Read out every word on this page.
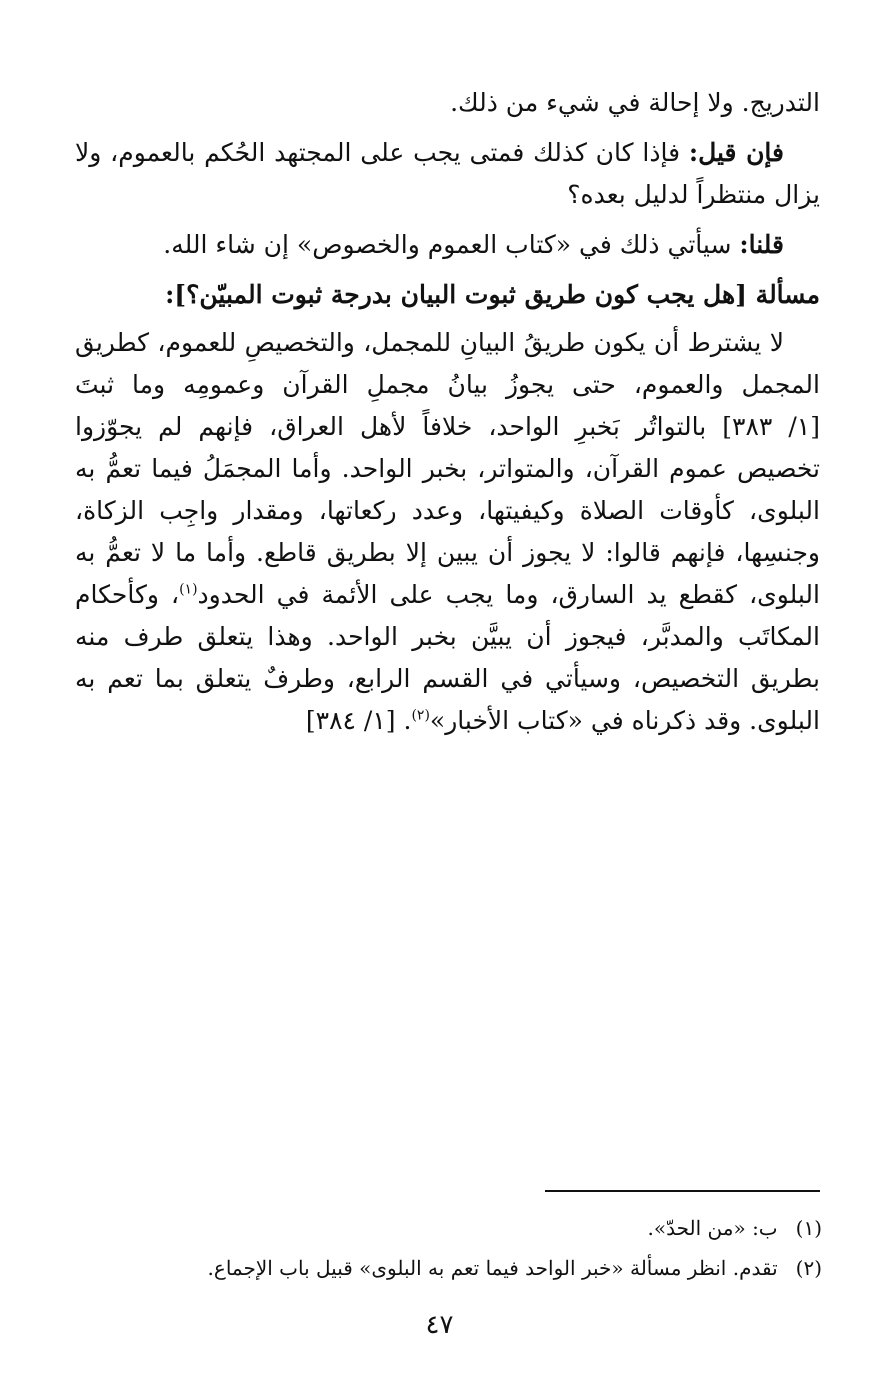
التدريج. ولا إحالة في شيء من ذلك.

فإن قيل: فإذا كان كذلك فمتى يجب على المجتهد الحُكم بالعموم، ولا يزال منتظراً لدليل بعده؟

قلنا: سيأتي ذلك في «كتاب العموم والخصوص» إن شاء الله.

مسألة [هل يجب كون طريق ثبوت البيان بدرجة ثبوت المبيّن؟]:

لا يشترط أن يكون طريقُ البيانِ للمجمل، والتخصيصِ للعموم، كطريق المجمل والعموم، حتى يجوزُ بيانُ مجملِ القرآن وعمومِه وما ثبتَ [١/ ٣٨٣] بالتواتُر بَخبرِ الواحد، خلافاً لأهل العراق، فإنهم لم يجوّزوا تخصيص عموم القرآن، والمتواتر، بخبر الواحد. وأما المجمَلُ فيما تعمُّ به البلوى، كأوقات الصلاة وكيفيتها، وعدد ركعاتها، ومقدار واجِب الزكاة، وجنسِها، فإنهم قالوا: لا يجوز أن يبين إلا بطريق قاطع. وأما ما لا تعمُّ به البلوى، كقطع يد السارق، وما يجب على الأئمة في الحدود$^{(١)}$، وكأحكام المكاتَب والمدبَّر، فيجوز أن يبيَّن بخبر الواحد. وهذا يتعلق طرف منه بطريق التخصيص، وسيأتي في القسم الرابع، وطرفٌ يتعلق بما تعم به البلوى. وقد ذكرناه في «كتاب الأخبار»$^{(٢)}$. [١/ ٣٨٤]

(١) ب: «من الحدّ».

(٢) تقدم. انظر مسألة «خبر الواحد فيما تعم به البلوى» قبيل باب الإجماع.

٤٧
